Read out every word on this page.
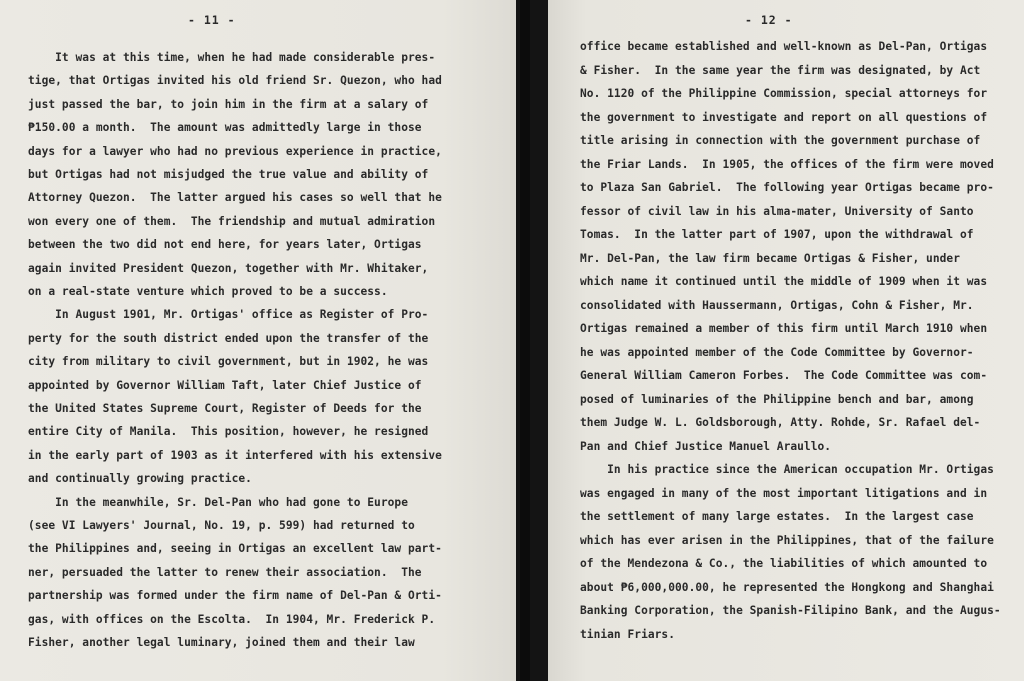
- 11 -
It was at this time, when he had made considerable pres-
tige, that Ortigas invited his old friend Sr. Quezon, who had
just passed the bar, to join him in the firm at a salary of
₱150.00 a month.  The amount was admittedly large in those
days for a lawyer who had no previous experience in practice,
but Ortigas had not misjudged the true value and ability of
Attorney Quezon.  The latter argued his cases so well that he
won every one of them.  The friendship and mutual admiration
between the two did not end here, for years later, Ortigas
again invited President Quezon, together with Mr. Whitaker,
on a real-state venture which proved to be a success.
In August 1901, Mr. Ortigas' office as Register of Pro-
perty for the south district ended upon the transfer of the
city from military to civil government, but in 1902, he was
appointed by Governor William Taft, later Chief Justice of
the United States Supreme Court, Register of Deeds for the
entire City of Manila.  This position, however, he resigned
in the early part of 1903 as it interfered with his extensive
and continually growing practice.
In the meanwhile, Sr. Del-Pan who had gone to Europe
(see VI Lawyers' Journal, No. 19, p. 599) had returned to
the Philippines and, seeing in Ortigas an excellent law part-
ner, persuaded the latter to renew their association.  The
partnership was formed under the firm name of Del-Pan & Orti-
gas, with offices on the Escolta.  In 1904, Mr. Frederick P.
Fisher, another legal luminary, joined them and their law
- 12 -
office became established and well-known as Del-Pan, Ortigas
& Fisher.  In the same year the firm was designated, by Act
No. 1120 of the Philippine Commission, special attorneys for
the government to investigate and report on all questions of
title arising in connection with the government purchase of
the Friar Lands.  In 1905, the offices of the firm were moved
to Plaza San Gabriel.  The following year Ortigas became pro-
fessor of civil law in his alma-mater, University of Santo
Tomas.  In the latter part of 1907, upon the withdrawal of
Mr. Del-Pan, the law firm became Ortigas & Fisher, under
which name it continued until the middle of 1909 when it was
consolidated with Haussermann, Ortigas, Cohn & Fisher, Mr.
Ortigas remained a member of this firm until March 1910 when
he was appointed member of the Code Committee by Governor-
General William Cameron Forbes.  The Code Committee was com-
posed of luminaries of the Philippine bench and bar, among
them Judge W. L. Goldsborough, Atty. Rohde, Sr. Rafael del-
Pan and Chief Justice Manuel Araullo.
In his practice since the American occupation Mr. Ortigas
was engaged in many of the most important litigations and in
the settlement of many large estates.  In the largest case
which has ever arisen in the Philippines, that of the failure
of the Mendezona & Co., the liabilities of which amounted to
about ₱6,000,000.00, he represented the Hongkong and Shanghai
Banking Corporation, the Spanish-Filipino Bank, and the Augus-
tinian Friars.
